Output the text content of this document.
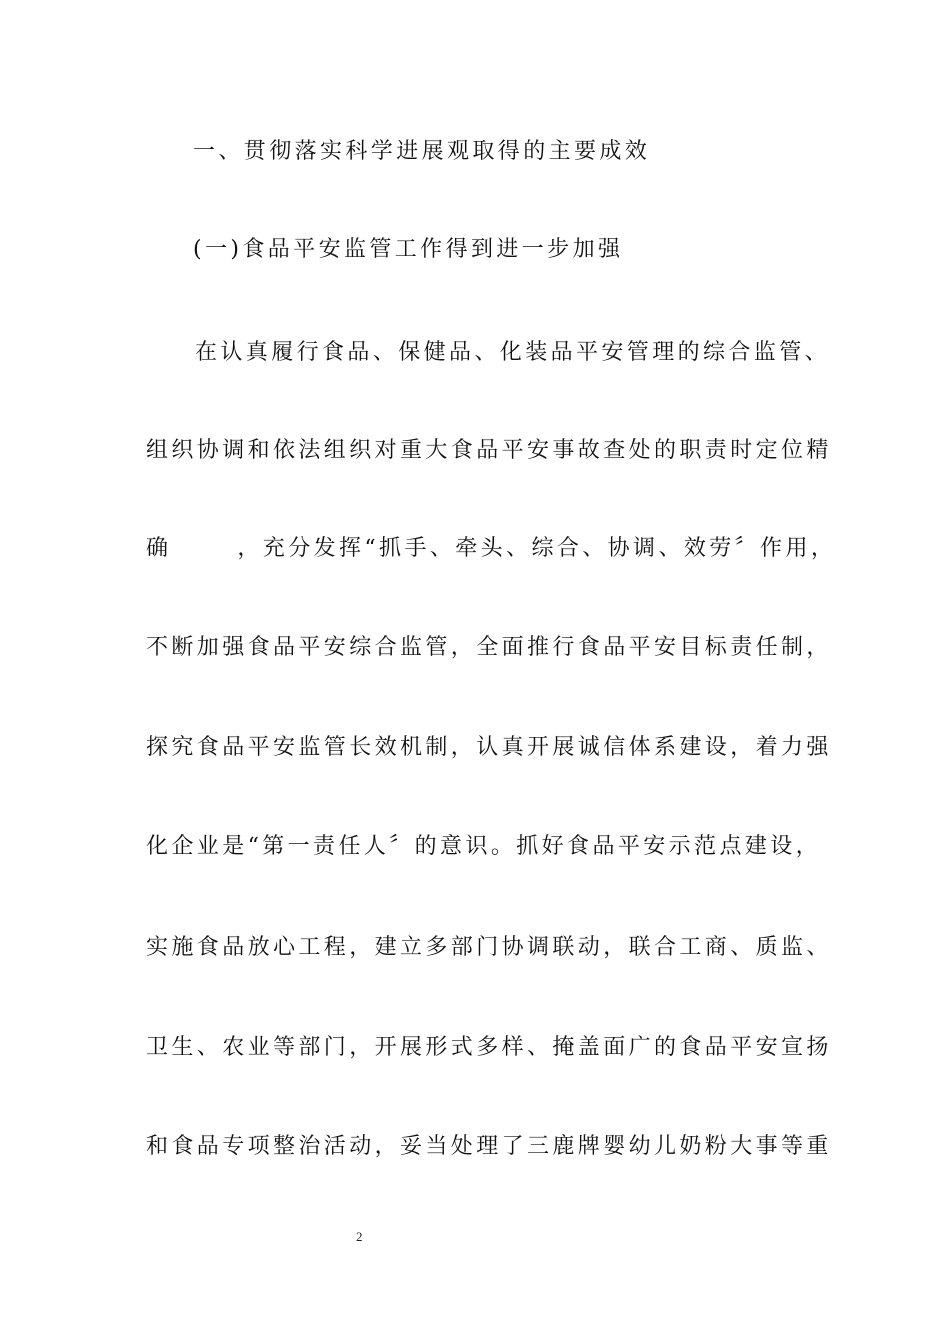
一、贯彻落实科学进展观取得的主要成效
(一)食品平安监管工作得到进一步加强
在认真履行食品、保健品、化装品平安管理的综合监管、
组织协调和依法组织对重大食品平安事故查处的职责时定位精
确	，充分发挥“抓手、牵头、综合、协调、效劳〞作用，
不断加强食品平安综合监管，全面推行食品平安目标责任制，
探究食品平安监管长效机制，认真开展诚信体系建设，着力强
化企业是“第一责任人〞的意识。抓好食品平安示范点建设，
实施食品放心工程，建立多部门协调联动，联合工商、质监、
卫生、农业等部门，开展形式多样、掩盖面广的食品平安宣扬
和食品专项整治活动，妥当处理了三鹿牌婴幼儿奶粉大事等重
2
